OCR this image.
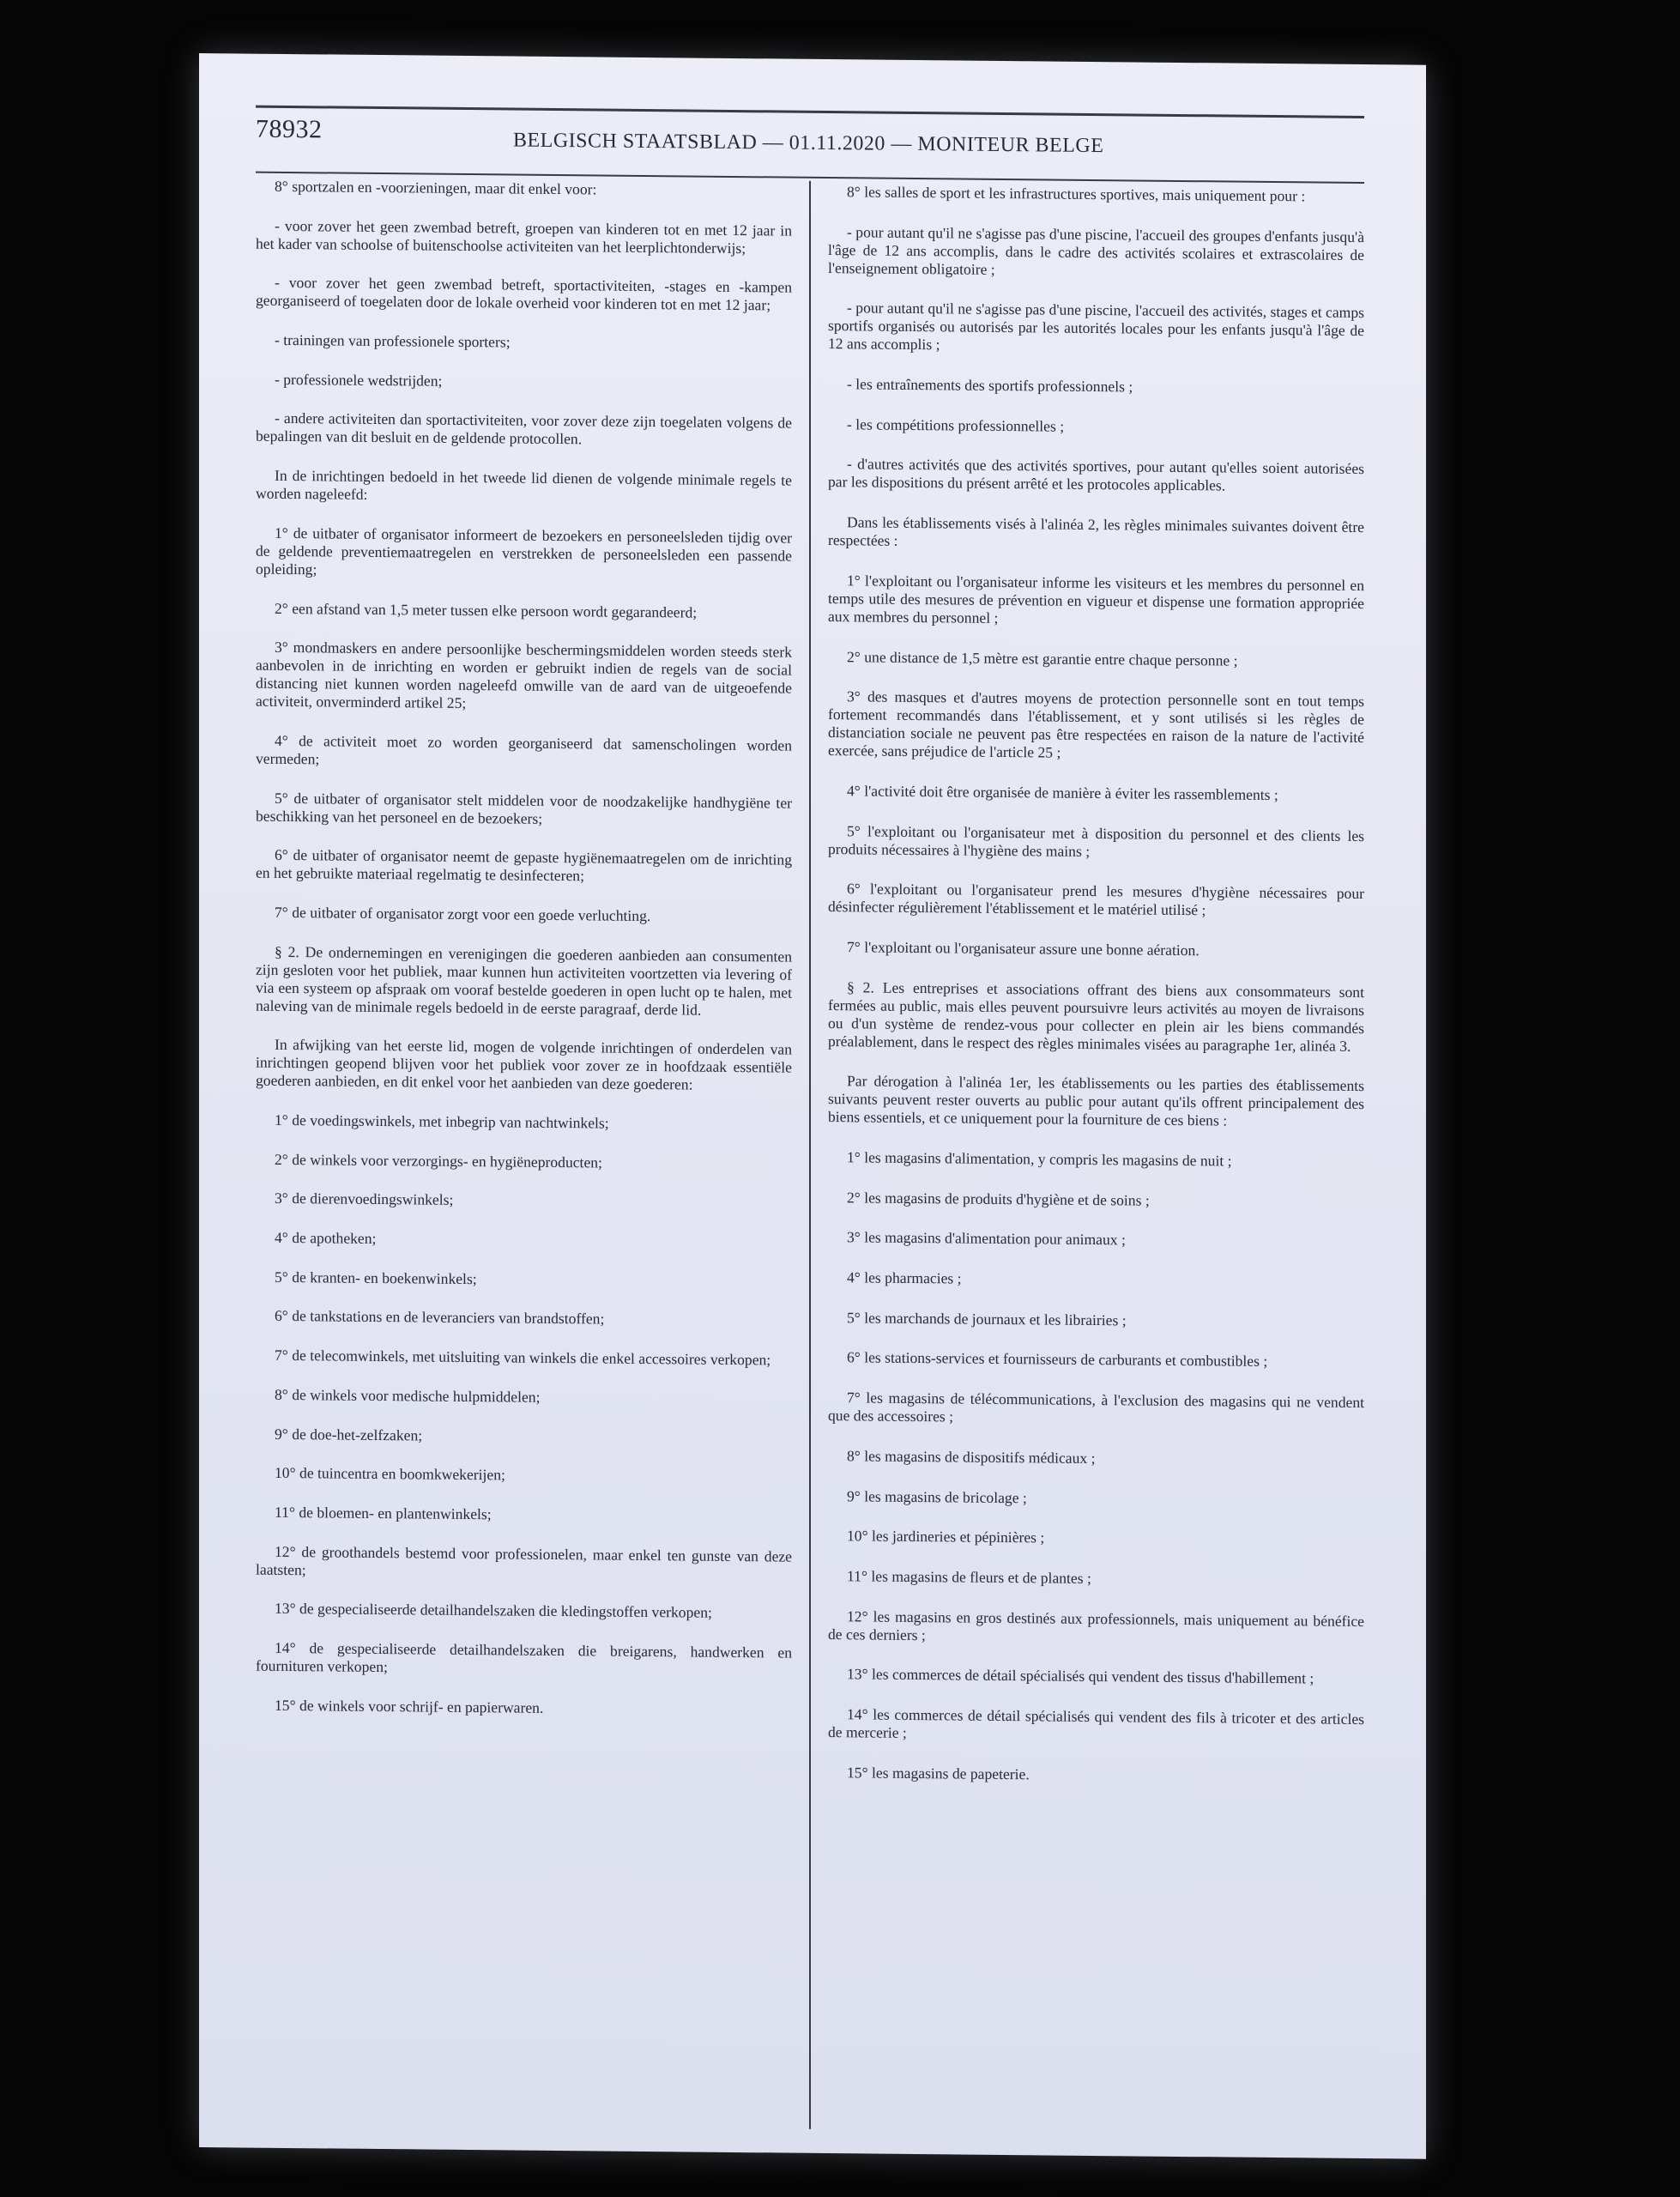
78932	BELGISCH STAATSBLAD — 01.11.2020 — MONITEUR BELGE

8° sportzalen en -voorzieningen, maar dit enkel voor:

- voor zover het geen zwembad betreft, groepen van kinderen tot en met 12 jaar in het kader van schoolse of buitenschoolse activiteiten van het leerplichtonderwijs;

- voor zover het geen zwembad betreft, sportactiviteiten, -stages en -kampen georganiseerd of toegelaten door de lokale overheid voor kinderen tot en met 12 jaar;

- trainingen van professionele sporters;

- professionele wedstrijden;

- andere activiteiten dan sportactiviteiten, voor zover deze zijn toegelaten volgens de bepalingen van dit besluit en de geldende protocollen.

In de inrichtingen bedoeld in het tweede lid dienen de volgende minimale regels te worden nageleefd:

1° de uitbater of organisator informeert de bezoekers en personeelsleden tijdig over de geldende preventiemaatregelen en verstrekken de personeelsleden een passende opleiding;

2° een afstand van 1,5 meter tussen elke persoon wordt gegarandeerd;

3° mondmaskers en andere persoonlijke beschermingsmiddelen worden steeds sterk aanbevolen in de inrichting en worden er gebruikt indien de regels van de social distancing niet kunnen worden nageleefd omwille van de aard van de uitgeoefende activiteit, onverminderd artikel 25;

4° de activiteit moet zo worden georganiseerd dat samenscholingen worden vermeden;

5° de uitbater of organisator stelt middelen voor de noodzakelijke handhygiëne ter beschikking van het personeel en de bezoekers;

6° de uitbater of organisator neemt de gepaste hygiënemaatregelen om de inrichting en het gebruikte materiaal regelmatig te desinfecteren;

7° de uitbater of organisator zorgt voor een goede verluchting.

§ 2. De ondernemingen en verenigingen die goederen aanbieden aan consumenten zijn gesloten voor het publiek, maar kunnen hun activiteiten voortzetten via levering of via een systeem op afspraak om vooraf bestelde goederen in open lucht op te halen, met naleving van de minimale regels bedoeld in de eerste paragraaf, derde lid.

In afwijking van het eerste lid, mogen de volgende inrichtingen of onderdelen van inrichtingen geopend blijven voor het publiek voor zover ze in hoofdzaak essentiële goederen aanbieden, en dit enkel voor het aanbieden van deze goederen:

1° de voedingswinkels, met inbegrip van nachtwinkels;

2° de winkels voor verzorgings- en hygiëneproducten;

3° de dierenvoedingswinkels;

4° de apotheken;

5° de kranten- en boekenwinkels;

6° de tankstations en de leveranciers van brandstoffen;

7° de telecomwinkels, met uitsluiting van winkels die enkel accessoires verkopen;

8° de winkels voor medische hulpmiddelen;

9° de doe-het-zelfzaken;

10° de tuincentra en boomkwekerijen;

11° de bloemen- en plantenwinkels;

12° de groothandels bestemd voor professionelen, maar enkel ten gunste van deze laatsten;

13° de gespecialiseerde detailhandelszaken die kledingstoffen verkopen;

14° de gespecialiseerde detailhandelszaken die breigarens, handwerken en fournituren verkopen;

15° de winkels voor schrijf- en papierwaren.

8° les salles de sport et les infrastructures sportives, mais uniquement pour :

- pour autant qu'il ne s'agisse pas d'une piscine, l'accueil des groupes d'enfants jusqu'à l'âge de 12 ans accomplis, dans le cadre des activités scolaires et extrascolaires de l'enseignement obligatoire ;

- pour autant qu'il ne s'agisse pas d'une piscine, l'accueil des activités, stages et camps sportifs organisés ou autorisés par les autorités locales pour les enfants jusqu'à l'âge de 12 ans accomplis ;

- les entraînements des sportifs professionnels ;

- les compétitions professionnelles ;

- d'autres activités que des activités sportives, pour autant qu'elles soient autorisées par les dispositions du présent arrêté et les protocoles applicables.

Dans les établissements visés à l'alinéa 2, les règles minimales suivantes doivent être respectées :

1° l'exploitant ou l'organisateur informe les visiteurs et les membres du personnel en temps utile des mesures de prévention en vigueur et dispense une formation appropriée aux membres du personnel ;

2° une distance de 1,5 mètre est garantie entre chaque personne ;

3° des masques et d'autres moyens de protection personnelle sont en tout temps fortement recommandés dans l'établissement, et y sont utilisés si les règles de distanciation sociale ne peuvent pas être respectées en raison de la nature de l'activité exercée, sans préjudice de l'article 25 ;

4° l'activité doit être organisée de manière à éviter les rassemblements ;

5° l'exploitant ou l'organisateur met à disposition du personnel et des clients les produits nécessaires à l'hygiène des mains ;

6° l'exploitant ou l'organisateur prend les mesures d'hygiène nécessaires pour désinfecter régulièrement l'établissement et le matériel utilisé ;

7° l'exploitant ou l'organisateur assure une bonne aération.

§ 2. Les entreprises et associations offrant des biens aux consommateurs sont fermées au public, mais elles peuvent poursuivre leurs activités au moyen de livraisons ou d'un système de rendez-vous pour collecter en plein air les biens commandés préalablement, dans le respect des règles minimales visées au paragraphe 1er, alinéa 3.

Par dérogation à l'alinéa 1er, les établissements ou les parties des établissements suivants peuvent rester ouverts au public pour autant qu'ils offrent principalement des biens essentiels, et ce uniquement pour la fourniture de ces biens :

1° les magasins d'alimentation, y compris les magasins de nuit ;

2° les magasins de produits d'hygiène et de soins ;

3° les magasins d'alimentation pour animaux ;

4° les pharmacies ;

5° les marchands de journaux et les librairies ;

6° les stations-services et fournisseurs de carburants et combustibles ;

7° les magasins de télécommunications, à l'exclusion des magasins qui ne vendent que des accessoires ;

8° les magasins de dispositifs médicaux ;

9° les magasins de bricolage ;

10° les jardineries et pépinières ;

11° les magasins de fleurs et de plantes ;

12° les magasins en gros destinés aux professionnels, mais uniquement au bénéfice de ces derniers ;

13° les commerces de détail spécialisés qui vendent des tissus d'habillement ;

14° les commerces de détail spécialisés qui vendent des fils à tricoter et des articles de mercerie ;

15° les magasins de papeterie.
